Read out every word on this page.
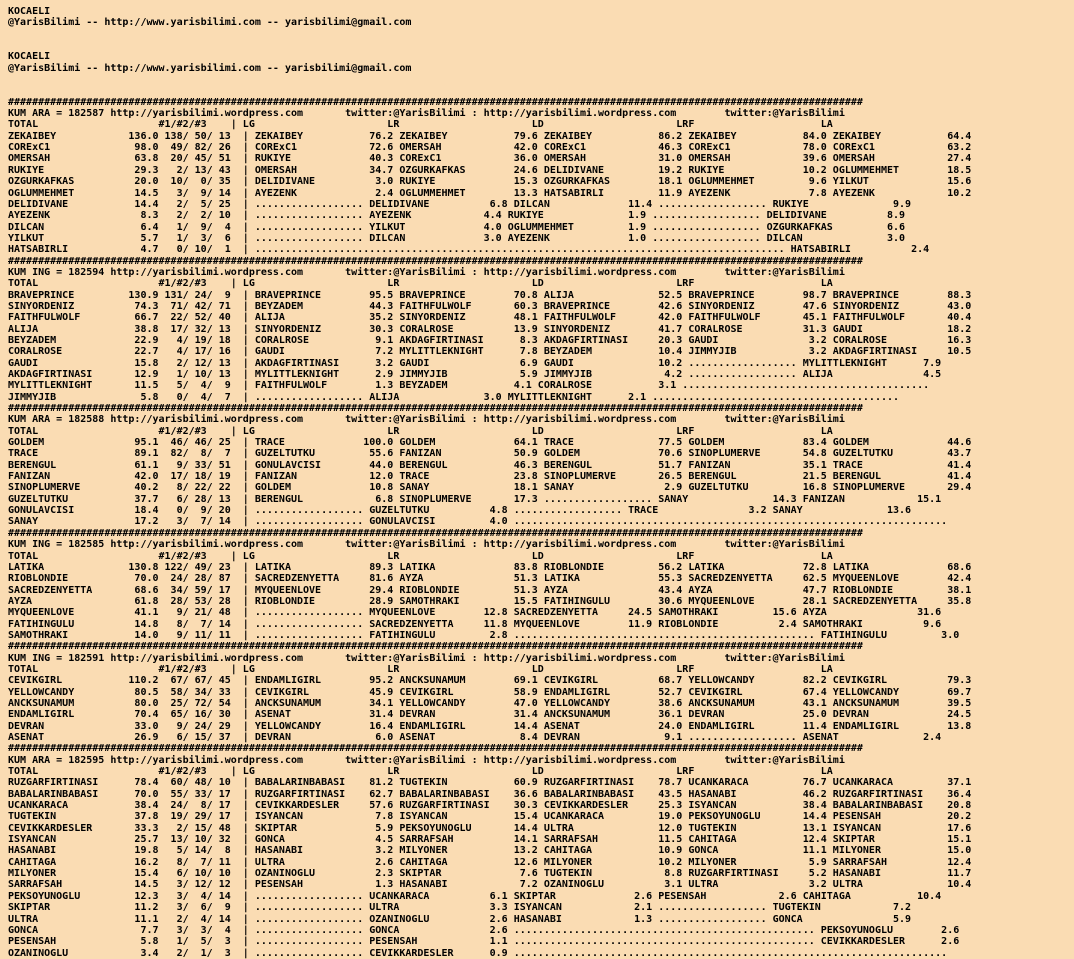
KOCAELI
@YarisBilimi -- http://www.yarisbilimi.com -- yarisbilimi@gmail.com
KOCAELI
@YarisBilimi -- http://www.yarisbilimi.com -- yarisbilimi@gmail.com
##############################################################################################################################################
KUM ARA = 182587 http://yarisbilimi.wordpress.com       twitter:@YarisBilimi : http://yarisbilimi.wordpress.com        twitter:@YarisBilimi
TOTAL                    #1/#2/#3    | LG                      LR                      LD                      LRF                     LA
ZEKAIBEY            136.0 138/ 50/ 13  | ZEKAIBEY           76.2 ZEKAIBEY           79.6 ZEKAIBEY           86.2 ZEKAIBEY           84.0 ZEKAIBEY           64.4
CORExC1              98.0  49/ 82/ 26  | CORExC1            72.6 OMERSAH            42.0 CORExC1            46.3 CORExC1            78.0 CORExC1            63.2
OMERSAH              63.8  20/ 45/ 51  | RUKIYE             40.3 CORExC1            36.0 OMERSAH            31.0 OMERSAH            39.6 OMERSAH            27.4
RUKIYE               29.3   2/ 13/ 43  | OMERSAH            34.7 OZGURKAFKAS        24.6 DELIDIVANE         19.2 RUKIYE             10.2 OGLUMMEHMET        18.5
OZGURKAFKAS          20.0  10/  0/ 35  | DELIDIVANE          3.0 RUKIYE             15.3 OZGURKAFKAS        18.1 OGLUMMEHMET         9.6 YILKUT             15.6
OGLUMMEHMET          14.5   3/  9/ 14  | AYEZENK             2.4 OGLUMMEHMET        13.3 HATSABIRLI         11.9 AYEZENK             7.8 AYEZENK            10.2
DELIDIVANE           14.4   2/  5/ 25  | .................. DELIDIVANE          6.8 DILCAN             11.4 .................. RUKIYE              9.9
AYEZENK               8.3   2/  2/ 10  | .................. AYEZENK            4.4 RUKIYE              1.9 .................. DELIDIVANE          8.9
DILCAN                6.4   1/  9/  4  | .................. YILKUT             4.0 OGLUMMEHMET         1.9 .................. OZGURKAFKAS         6.6
YILKUT                5.7   1/  3/  6  | .................. DILCAN             3.0 AYEZENK             1.0 .................. DILCAN              3.0
HATSABIRLI            4.7   0/ 10/  1  | ........................................................................................ HATSABIRLI          2.4
##############################################################################################################################################
KUM ING = 182594 http://yarisbilimi.wordpress.com       twitter:@YarisBilimi : http://yarisbilimi.wordpress.com        twitter:@YarisBilimi
TOTAL                    #1/#2/#3    | LG                      LR                      LD                      LRF                     LA
BRAVEPRINCE         130.9 131/ 24/  9  | BRAVEPRINCE        95.5 BRAVEPRINCE        70.8 ALIJA              52.5 BRAVEPRINCE        98.7 BRAVEPRINCE        88.3
SINYORDENIZ          74.3  71/ 42/ 71  | BEYZADEM           44.3 FAITHFULWOLF       60.3 BRAVEPRINCE        42.6 SINYORDENIZ        47.6 SINYORDENIZ        43.0
FAITHFULWOLF         66.7  22/ 52/ 40  | ALIJA              35.2 SINYORDENIZ        48.1 FAITHFULWOLF       42.0 FAITHFULWOLF       45.1 FAITHFULWOLF       40.4
ALIJA                38.8  17/ 32/ 13  | SINYORDENIZ        30.3 CORALROSE          13.9 SINYORDENIZ        41.7 CORALROSE          31.3 GAUDI              18.2
BEYZADEM             22.9   4/ 19/ 18  | CORALROSE           9.1 AKDAGFIRTINASI      8.3 AKDAGFIRTINASI     20.3 GAUDI               3.2 CORALROSE          16.3
CORALROSE            22.7   4/ 17/ 16  | GAUDI               7.2 MYLITTLEKNIGHT      7.8 BEYZADEM           10.4 JIMMYJIB            3.2 AKDAGFIRTINASI     10.5
GAUDI                15.8   2/ 12/ 13  | AKDAGFIRTINASI      3.2 GAUDI               6.9 GAUDI              10.2 .................. MYLITTLEKNIGHT      7.9
AKDAGFIRTINASI       12.9   1/ 10/ 13  | MYLITTLEKNIGHT      2.9 JIMMYJIB            5.9 JIMMYJIB            4.2 .................. ALIJA               4.5
MYLITTLEKNIGHT       11.5   5/  4/  9  | FAITHFULWOLF        1.3 BEYZADEM           4.1 CORALROSE           3.1 .........................................
JIMMYJIB              5.8   0/  4/  7  | .................. ALIJA              3.0 MYLITTLEKNIGHT      2.1 .........................................
##############################################################################################################################################
KUM ARA = 182588 http://yarisbilimi.wordpress.com       twitter:@YarisBilimi : http://yarisbilimi.wordpress.com        twitter:@YarisBilimi
TOTAL                    #1/#2/#3    | LG                      LR                      LD                      LRF                     LA
GOLDEM               95.1  46/ 46/ 25  | TRACE             100.0 GOLDEM             64.1 TRACE              77.5 GOLDEM             83.4 GOLDEM             44.6
TRACE                89.1  82/  8/  7  | GUZELTUTKU         55.6 FANIZAN            50.9 GOLDEM             70.6 SINOPLUMERVE       54.8 GUZELTUTKU         43.7
BERENGUL             61.1   9/ 33/ 51  | GONULAVCISI        44.0 BERENGUL           46.3 BERENGUL           51.7 FANIZAN            35.1 TRACE              41.4
FANIZAN              42.0  17/ 18/ 19  | FANIZAN            12.0 TRACE              23.8 SINOPLUMERVE       26.5 BERENGUL           21.5 BERENGUL           41.4
SINOPLUMERVE         40.2   8/ 22/ 22  | GOLDEM             10.8 SANAY              18.1 SANAY               2.9 GUZELTUTKU         16.8 SINOPLUMERVE       29.4
GUZELTUTKU           37.7   6/ 28/ 13  | BERENGUL            6.8 SINOPLUMERVE       17.3 .................. SANAY              14.3 FANIZAN            15.1
GONULAVCISI          18.4   0/  9/ 20  | .................. GUZELTUTKU          4.8 .................. TRACE               3.2 SANAY              13.6
SANAY                17.2   3/  7/ 14  | .................. GONULAVCISI         4.0 ........................................................................
##############################################################################################################################################
KUM ING = 182585 http://yarisbilimi.wordpress.com       twitter:@YarisBilimi : http://yarisbilimi.wordpress.com        twitter:@YarisBilimi
TOTAL                    #1/#2/#3    | LG                      LR                      LD                      LRF                     LA
LATIKA              130.8 122/ 49/ 23  | LATIKA             89.3 LATIKA             83.8 RIOBLONDIE         56.2 LATIKA             72.8 LATIKA             68.6
RIOBLONDIE           70.0  24/ 28/ 87  | SACREDZENYETTA     81.6 AYZA               51.3 LATIKA             55.3 SACREDZENYETTA     62.5 MYQUEENLOVE        42.4
SACREDZENYETTA       68.6  34/ 59/ 17  | MYQUEENLOVE        29.4 RIOBLONDIE         51.3 AYZA               43.4 AYZA               47.7 RIOBLONDIE         38.1
AYZA                 61.8  28/ 53/ 28  | RIOBLONDIE         28.9 SAMOTHRAKI         15.5 FATIHINGULU        30.6 MYQUEENLOVE        28.1 SACREDZENYETTA     35.8
MYQUEENLOVE          41.1   9/ 21/ 48  | .................. MYQUEENLOVE        12.8 SACREDZENYETTA     24.5 SAMOTHRAKI         15.6 AYZA               31.6
FATIHINGULU          14.8   8/  7/ 14  | .................. SACREDZENYETTA     11.8 MYQUEENLOVE        11.9 RIOBLONDIE          2.4 SAMOTHRAKI          9.6
SAMOTHRAKI           14.0   9/ 11/ 11  | .................. FATIHINGULU         2.8 .................................................. FATIHINGULU         3.0
##############################################################################################################################################
KUM ING = 182591 http://yarisbilimi.wordpress.com       twitter:@YarisBilimi : http://yarisbilimi.wordpress.com        twitter:@YarisBilimi
TOTAL                    #1/#2/#3    | LG                      LR                      LD                      LRF                     LA
CEVIKGIRL           110.2  67/ 67/ 45  | ENDAMLIGIRL        95.2 ANCKSUNAMUM        69.1 CEVIKGIRL          68.7 YELLOWCANDY        82.2 CEVIKGIRL          79.3
YELLOWCANDY          80.5  58/ 34/ 33  | CEVIKGIRL          45.9 CEVIKGIRL          58.9 ENDAMLIGIRL        52.7 CEVIKGIRL          67.4 YELLOWCANDY        69.7
ANCKSUNAMUM          80.0  25/ 72/ 54  | ANCKSUNAMUM        34.1 YELLOWCANDY        47.0 YELLOWCANDY        38.6 ANCKSUNAMUM        43.1 ANCKSUNAMUM        39.5
ENDAMLIGIRL          70.4  65/ 16/ 30  | ASENAT             31.4 DEVRAN             31.4 ANCKSUNAMUM        36.1 DEVRAN             25.0 DEVRAN             24.5
DEVRAN               33.0   9/ 24/ 29  | YELLOWCANDY        16.4 ENDAMLIGIRL        14.4 ASENAT             24.0 ENDAMLIGIRL        11.4 ENDAMLIGIRL        13.8
ASENAT               26.9   6/ 15/ 37  | DEVRAN              6.0 ASENAT              8.4 DEVRAN              9.1 .................. ASENAT              2.4
##############################################################################################################################################
KUM ARA = 182595 http://yarisbilimi.wordpress.com       twitter:@YarisBilimi : http://yarisbilimi.wordpress.com        twitter:@YarisBilimi
TOTAL                    #1/#2/#3    | LG                      LR                      LD                      LRF                     LA
RUZGARFIRTINASI      78.4  60/ 48/ 10  | BABALARINBABASI    81.2 TUGTEKIN           60.9 RUZGARFIRTINASI    78.7 UCANKARACA         76.7 UCANKARACA         37.1
BABALARINBABASI      70.0  55/ 33/ 17  | RUZGARFIRTINASI    62.7 BABALARINBABASI    36.6 BABALARINBABASI    43.5 HASANABI           46.2 RUZGARFIRTINASI    36.4
UCANKARACA           38.4  24/  8/ 17  | CEVIKKARDESLER     57.6 RUZGARFIRTINASI    30.3 CEVIKKARDESLER     25.3 ISYANCAN           38.4 BABALARINBABASI    20.8
TUGTEKIN             37.8  19/ 29/ 17  | ISYANCAN            7.8 ISYANCAN           15.4 UCANKARACA         19.0 PEKSOYUNOGLU       14.4 PESENSAH           20.2
CEVIKKARDESLER       33.3   2/ 15/ 48  | SKIPTAR             5.9 PEKSOYUNOGLU       14.4 ULTRA              12.0 TUGTEKIN           13.1 ISYANCAN           17.6
ISYANCAN             25.7  13/ 10/ 32  | GONCA               4.5 SARRAFSAH          14.1 SARRAFSAH          11.5 CAHITAGA           12.4 SKIPTAR            15.1
HASANABI             19.8   5/ 14/  8  | HASANABI            3.2 MILYONER           13.2 CAHITAGA           10.9 GONCA              11.1 MILYONER           15.0
CAHITAGA             16.2   8/  7/ 11  | ULTRA               2.6 CAHITAGA           12.6 MILYONER           10.2 MILYONER            5.9 SARRAFSAH          12.4
MILYONER             15.4   6/ 10/ 10  | OZANINOGLU          2.3 SKIPTAR             7.6 TUGTEKIN            8.8 RUZGARFIRTINASI     5.2 HASANABI           11.7
SARRAFSAH            14.5   3/ 12/ 12  | PESENSAH            1.3 HASANABI            7.2 OZANINOGLU          3.1 ULTRA               3.2 ULTRA              10.4
PEKSOYUNOGLU         12.3   3/  4/ 14  | .................. UCANKARACA          6.1 SKIPTAR             2.6 PESENSAH            2.6 CAHITAGA           10.4
SKIPTAR              11.2   3/  6/  9  | .................. ULTRA               3.3 ISYANCAN            2.1 .................. TUGTEKIN            7.2
ULTRA                11.1   2/  4/ 14  | .................. OZANINOGLU          2.6 HASANABI            1.3 .................. GONCA               5.9
GONCA                 7.7   3/  3/  4  | .................. GONCA               2.6 .................................................. PEKSOYUNOGLU        2.6
PESENSAH              5.8   1/  5/  3  | .................. PESENSAH            1.1 .................................................. CEVIKKARDESLER      2.6
OZANINOGLU            3.4   2/  1/  3  | .................. CEVIKKARDESLER      0.9 ........................................................................
